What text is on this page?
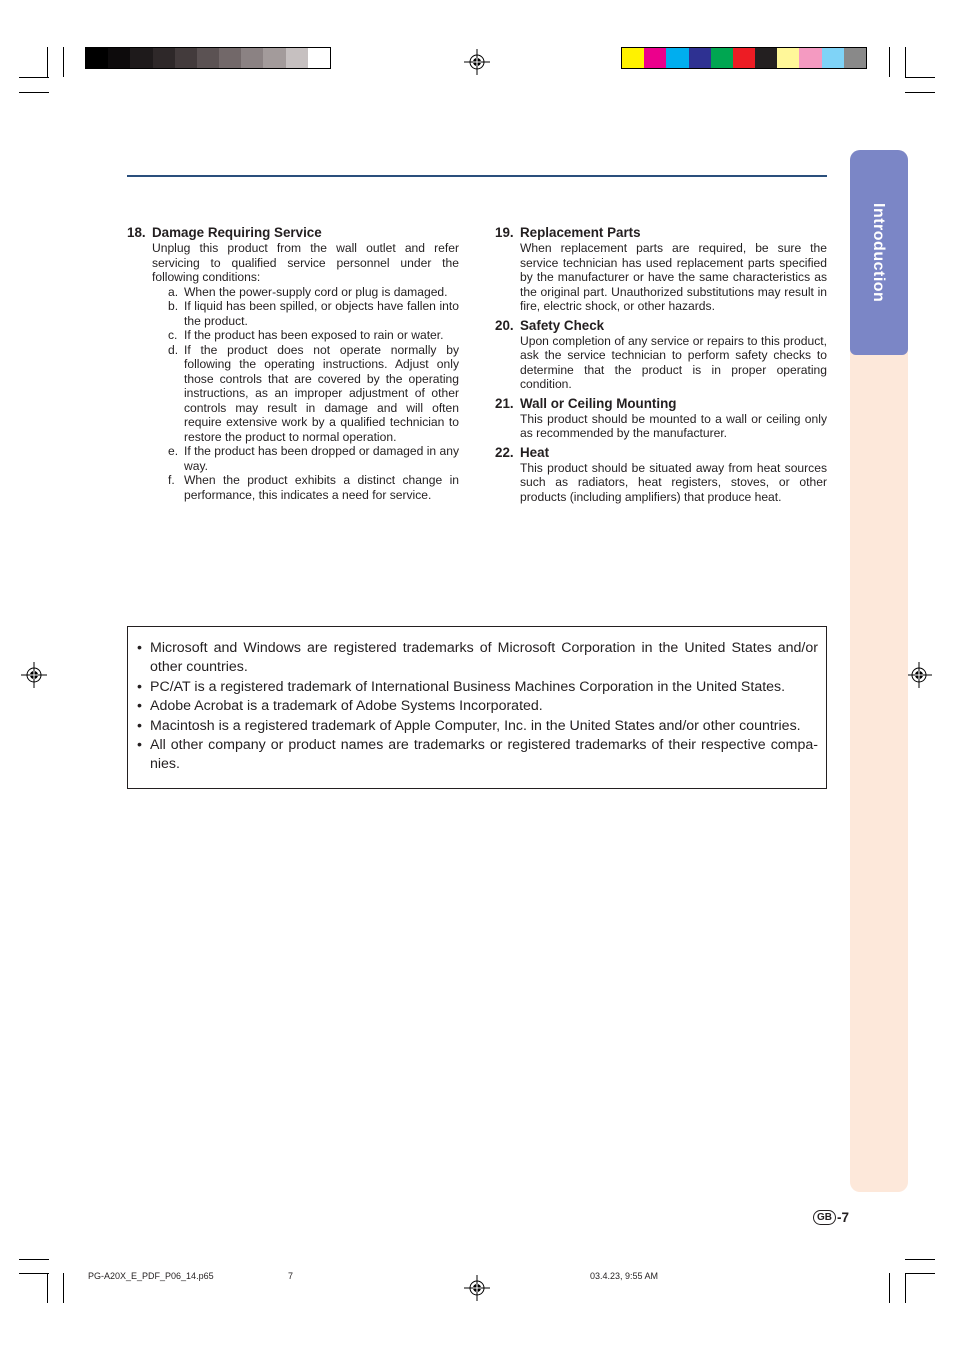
Introduction
18. Damage Requiring Service
Unplug this product from the wall outlet and refer servicing to qualified service personnel under the following conditions:
a. When the power-supply cord or plug is damaged.
b. If liquid has been spilled, or objects have fallen into the product.
c. If the product has been exposed to rain or water.
d. If the product does not operate normally by following the operating instructions. Adjust only those controls that are covered by the operating instructions, as an improper adjustment of other controls may result in damage and will often require extensive work by a qualified technician to restore the product to normal operation.
e. If the product has been dropped or damaged in any way.
f. When the product exhibits a distinct change in performance, this indicates a need for service.
19. Replacement Parts
When replacement parts are required, be sure the service technician has used replacement parts specified by the manufacturer or have the same characteristics as the original part. Unauthorized substitutions may result in fire, electric shock, or other hazards.
20. Safety Check
Upon completion of any service or repairs to this product, ask the service technician to perform safety checks to determine that the product is in proper operating condition.
21. Wall or Ceiling Mounting
This product should be mounted to a wall or ceiling only as recommended by the manufacturer.
22. Heat
This product should be situated away from heat sources such as radiators, heat registers, stoves, or other products (including amplifiers) that produce heat.
• Microsoft and Windows are registered trademarks of Microsoft Corporation in the United States and/or other countries.
• PC/AT is a registered trademark of International Business Machines Corporation in the United States.
• Adobe Acrobat is a trademark of Adobe Systems Incorporated.
• Macintosh is a registered trademark of Apple Computer, Inc. in the United States and/or other countries.
• All other company or product names are trademarks or registered trademarks of their respective compa-nies.
GB -7
PG-A20X_E_PDF_P06_14.p65	7	03.4.23, 9:55 AM
